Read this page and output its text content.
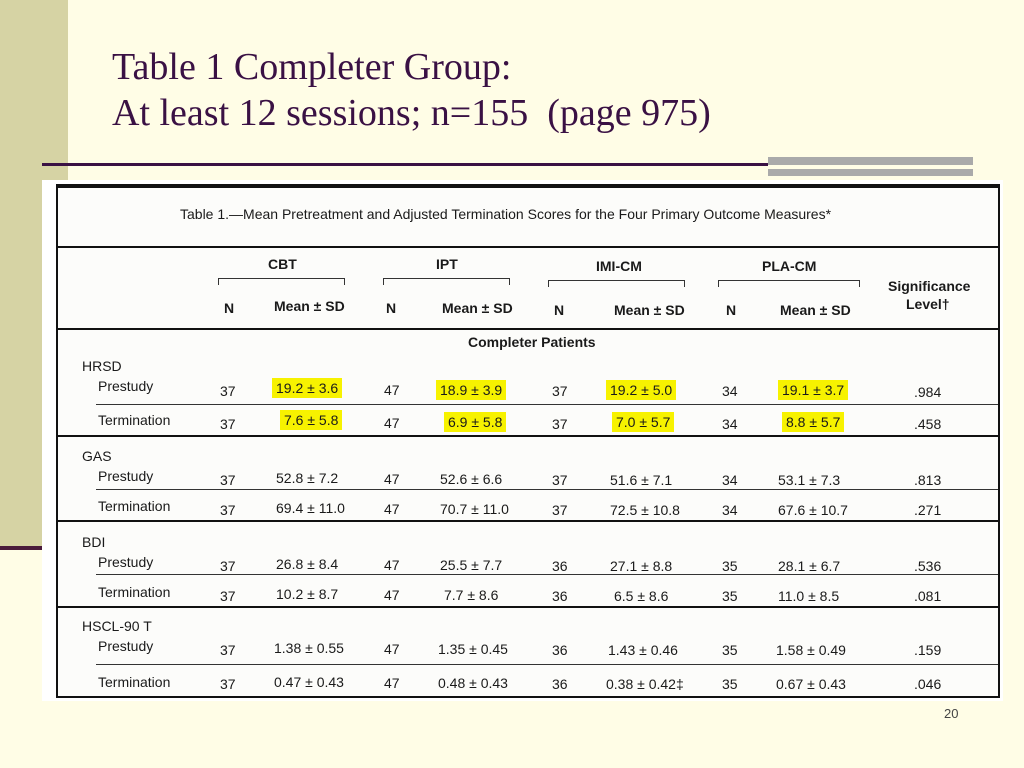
Table 1 Completer Group:
At least 12 sessions; n=155  (page 975)
Table 1.—Mean Pretreatment and Adjusted Termination Scores for the Four Primary Outcome Measures*
CBT	IPT	IMI-CM	PLA-CM
N	Mean ± SD	N	Mean ± SD	N	Mean ± SD	N	Mean ± SD
Significance
Level†
Completer Patients
HRSD
Prestudy	37	19.2 ± 3.6	47	18.9 ± 3.9	37	19.2 ± 5.0	34	19.1 ± 3.7	.984
Termination	37	7.6 ± 5.8	47	6.9 ± 5.8	37	7.0 ± 5.7	34	8.8 ± 5.7	.458
GAS
Prestudy	37	52.8 ± 7.2	47	52.6 ± 6.6	37	51.6 ± 7.1	34	53.1 ± 7.3	.813
Termination	37	69.4 ± 11.0	47	70.7 ± 11.0	37	72.5 ± 10.8	34	67.6 ± 10.7	.271
BDI
Prestudy	37	26.8 ± 8.4	47	25.5 ± 7.7	36	27.1 ± 8.8	35	28.1 ± 6.7	.536
Termination	37	10.2 ± 8.7	47	7.7 ± 8.6	36	6.5 ± 8.6	35	11.0 ± 8.5	.081
HSCL-90 T
Prestudy	37	1.38 ± 0.55	47	1.35 ± 0.45	36	1.43 ± 0.46	35	1.58 ± 0.49	.159
Termination	37	0.47 ± 0.43	47	0.48 ± 0.43	36	0.38 ± 0.42‡	35	0.67 ± 0.43	.046
20
